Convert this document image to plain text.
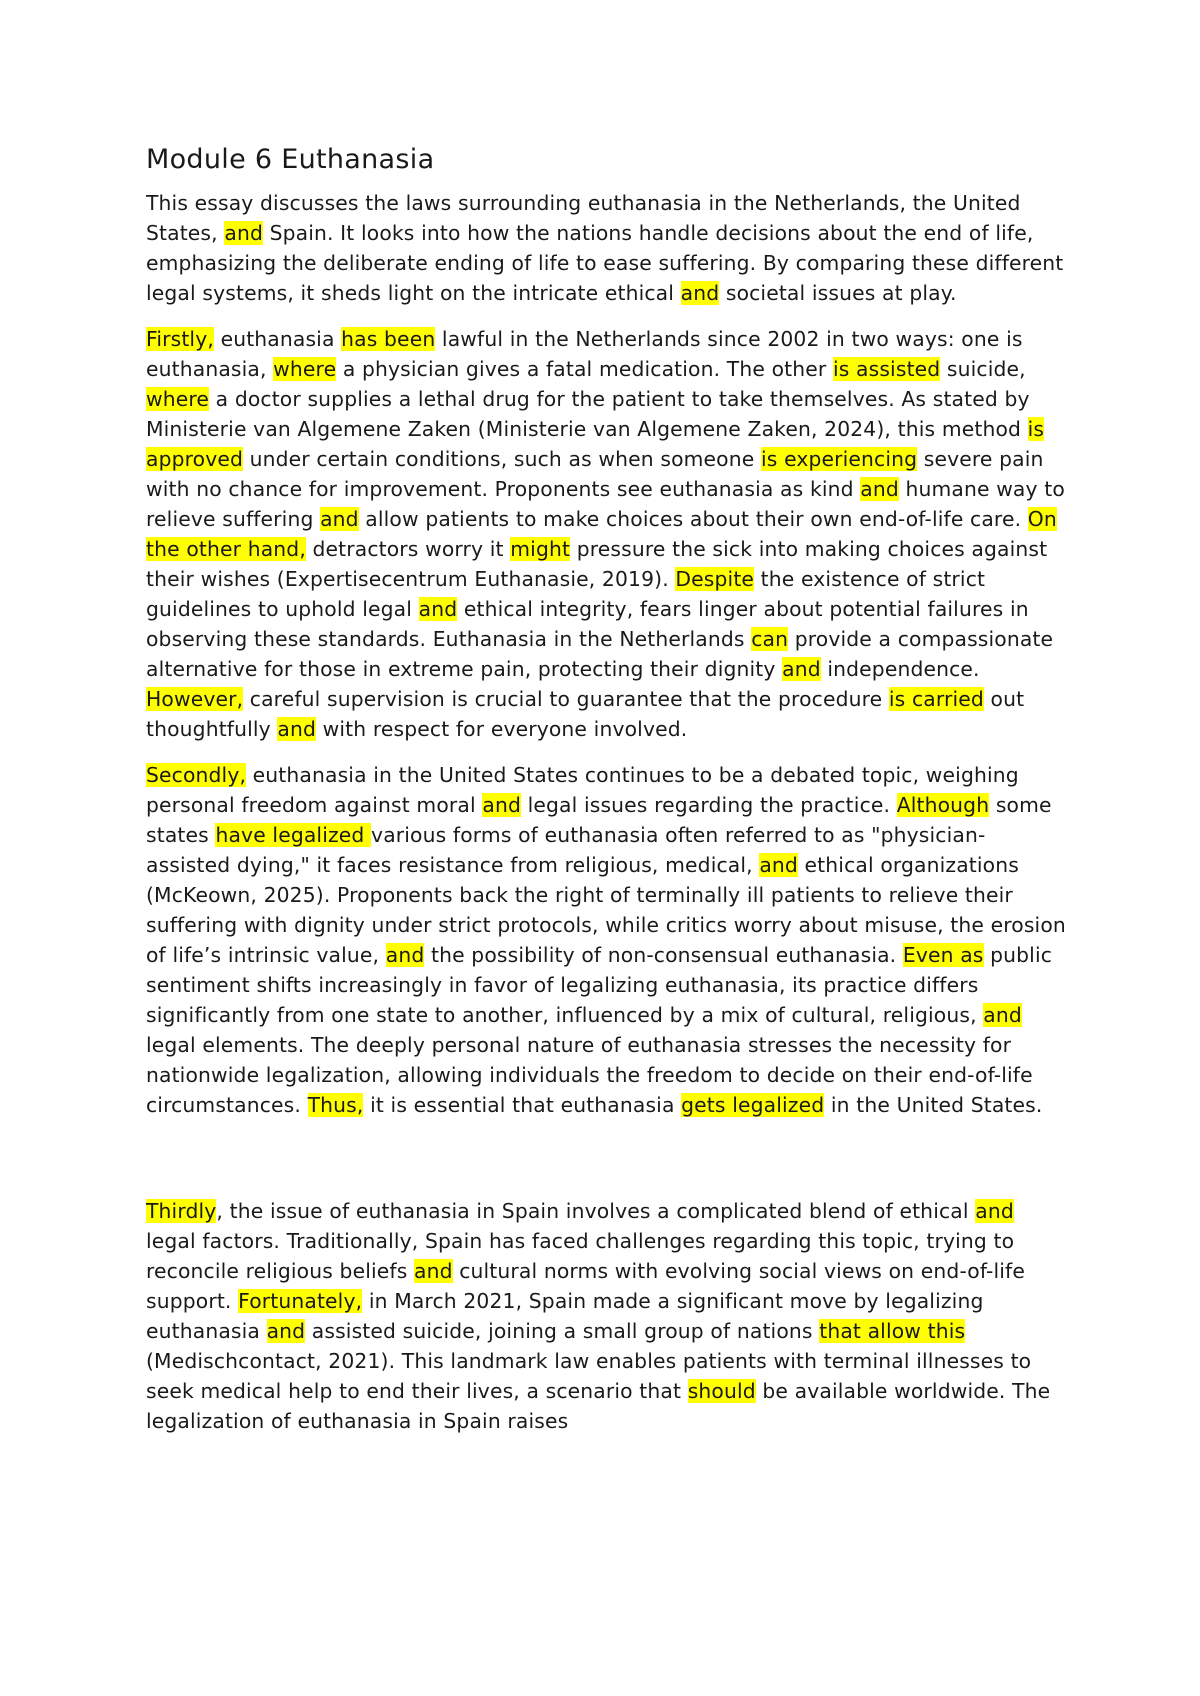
Module 6 Euthanasia

This essay discusses the laws surrounding euthanasia in the Netherlands, the United States, and Spain. It looks into how the nations handle decisions about the end of life, emphasizing the deliberate ending of life to ease suffering. By comparing these different legal systems, it sheds light on the intricate ethical and societal issues at play.

Firstly, euthanasia has been lawful in the Netherlands since 2002 in two ways: one is euthanasia, where a physician gives a fatal medication. The other is assisted suicide, where a doctor supplies a lethal drug for the patient to take themselves. As stated by Ministerie van Algemene Zaken (Ministerie van Algemene Zaken, 2024), this method is approved under certain conditions, such as when someone is experiencing severe pain with no chance for improvement. Proponents see euthanasia as kind and humane way to relieve suffering and allow patients to make choices about their own end-of-life care. On the other hand, detractors worry it might pressure the sick into making choices against their wishes (Expertisecentrum Euthanasie, 2019). Despite the existence of strict guidelines to uphold legal and ethical integrity, fears linger about potential failures in observing these standards. Euthanasia in the Netherlands can provide a compassionate alternative for those in extreme pain, protecting their dignity and independence. However, careful supervision is crucial to guarantee that the procedure is carried out thoughtfully and with respect for everyone involved.

Secondly, euthanasia in the United States continues to be a debated topic, weighing personal freedom against moral and legal issues regarding the practice. Although some states have legalized various forms of euthanasia often referred to as "physician-assisted dying," it faces resistance from religious, medical, and ethical organizations (McKeown, 2025). Proponents back the right of terminally ill patients to relieve their suffering with dignity under strict protocols, while critics worry about misuse, the erosion of life’s intrinsic value, and the possibility of non-consensual euthanasia. Even as public sentiment shifts increasingly in favor of legalizing euthanasia, its practice differs significantly from one state to another, influenced by a mix of cultural, religious, and legal elements. The deeply personal nature of euthanasia stresses the necessity for nationwide legalization, allowing individuals the freedom to decide on their end-of-life circumstances. Thus, it is essential that euthanasia gets legalized in the United States.

Thirdly, the issue of euthanasia in Spain involves a complicated blend of ethical and legal factors. Traditionally, Spain has faced challenges regarding this topic, trying to reconcile religious beliefs and cultural norms with evolving social views on end-of-life support. Fortunately, in March 2021, Spain made a significant move by legalizing euthanasia and assisted suicide, joining a small group of nations that allow this (Medischcontact, 2021). This landmark law enables patients with terminal illnesses to seek medical help to end their lives, a scenario that should be available worldwide. The legalization of euthanasia in Spain raises
